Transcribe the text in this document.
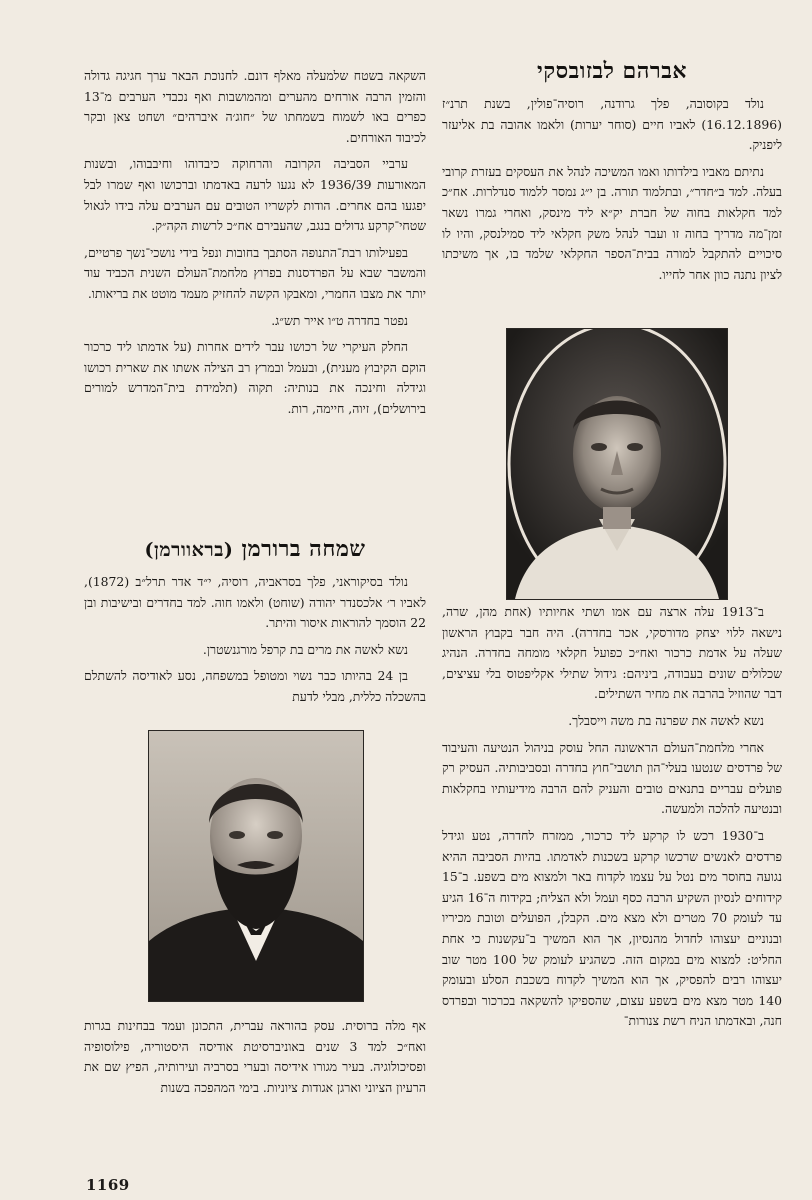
אברהם לבזובסקי

נולד בקוסובה, פלך גרודנה, רוסיה־פולין, בשנת תרנ״ז (16.12.1896) לאביו חיים (סוחר יערות) ולאמו אהובה בת אליעזר ליפניק.

נתיתם מאביו בילדותו ואמו המשיכה לנהל את העסקים בעזרת קרובי בעלה. למד ב״חדר״, ובתלמוד תורה. בן י״ג נמסר ללמוד סנדלרות. אח״כ למד חקלאות בחוה של חברת יק״א ליד מינסק, ואחרי גמרו נשאר זמן־מה מדריך בחוה זו ועבר לנהל משק חקלאי ליד סמילנסק, והיו לו סיכויים להתקבל למורה בבית־הספר החקלאי שלמד בו, אך משיכתו לציון נתנה כוון אחר לחייו.

ב־1913 עלה ארצה עם אמו ושתי אחיותיו (אחת מהן, שרה, נישאה ללוי יצחק מדורסקי, אכר בחדרה). היה חבר בקבוץ הראשון שעלה על אדמת כרכור ואח״כ כפועל חקלאי מומחה בחדרה. הנהיג שכלולים שונים בעבודה, ביניהם: גידול שתילי אקליפטוס בלי עציצים, דבר שהוזיל בהרבה את מחיר השתילים.

נשא לאשה את שפרנה בת משה וייסבלך.

אחרי מלחמת־העולם הראשונה החל עוסק בניהול הנטיעה והעיבוד של פרדסים שנטעו בעלי־הון תושבי־חוץ בחדרה ובסביבותיה. העסיק רק פועלים עבריים בתנאים טובים והעניק להם הרבה מידיעותיו בחקלאות ובנטיעה להלכה ולמעשה.

ב־1930 רכש לו קרקע ליד כרכור, ממזרח לחדרה, נטע וגידל פרדסים לאנשים שרכשו קרקע בשכנות לאדמתו. בהיות הסביבה ההיא נגועה בחוסר מים נטל על עצמו לקדוח באר ולמצוא מים בשפע. ב־15 קידוחים לנסיון השקיע הרבה כסף ועמל ולא הצליח; בקידוח ה־16 הגיע עד לעומק 70 מטרים ולא מצא מים. הקבלן, הפועלים וטובת מכיריו ובנוניים יעצוהו לחדול מהנסיון, אך הוא המשיך ב־עקשנות כי אחת החליט: למצוא מים במקום הזה. כשהגיע לעומק של 100 מטר שוב יעצוהו רבים להפסיק, אך הוא המשיך לקדוח בשכבת הסלע ובעומק 140 מטר מצא מים בשפע עצום, שהספיקו להשקאה בכרכור ובפרדס חנה, ובאדמתו הניח רשת צנורות־

השקאה בשטח שלמעלה מאלף דונם. לחנוכת הבאר ערך חגיגה גדולה והזמין הרבה אורחים מהערים ומהמושבות ואף נכבדי הערבים מ־13 כפרים באו לשמוח בשמחתו של ״חוג׳ה איברהים״ ושחט צאן ובקר לכיבוד האורחים.

ערביי הסביבה הקרובה והרחוקה כיבדוהו וחיבבוהו, ובשנות המאורעות 1936/39 לא נגעו לרעה באדמתו וברכושו ואף שמרו לבל יפגעו בהם אחרים. הודות לקשריו הטובים עם הערבים עלה בידו לגאול שטחי־קרקע גדולים בנגב, שהעבירם אח״כ לרשות הקה״ק.

בפעילותו רבת־התנופה הסתבך בחובות ונפל בידי נושכי־נשך פרטיים, והמשבר שבא על הפרדסנות בפרוץ מלחמת־העולם השנית הכביד עוד יותר את מצבו החמרי, ומאבקו הקשה להחזיק מעמד מוטט את בריאותו.

נפטר בחדרה ט״ו אייר תש״ג.

החלק העיקרי של רכושו עבר לידים אחרות (על אדמתו ליד כרכור הוקם הקיבוץ מענית), ובעמל ובמרץ רב הצילה אשתו את שארית רכושו וגידלה וחינכה את בנותיה: תקוה (תלמידת בית־המדרש למורים בירושלים), זיוה, חיימה, רות.

שמחה ברורמן (בראוורמן)

נולד בסיקוראני, פלך בסראביה, רוסיה, י״ד אדר תרל״ב (1872), לאביו ר׳ אלכסנדר יהודה (שוחט) ולאמו חוה. למד בחדרים ובישיבות ובן 22 הוסמך להוראות איסור והיתר.

נשא לאשה את מרים בת קרפל מורגנשטרן.

בן 24 בהיותו כבר נשוי ומטופל במשפחה, נסע לאודיסה להשתלם בהשכלה כללית, מבלי לדעת

אף מלה ברוסית. עסק בהוראה עברית, התכונן ועמד בבחינות בגרות ואח״כ למד 3 שנים באוניברסיטת אודיסה היסטוריה, פילוסופיה ופסיכולוגיה. בעיר מגורו אידיסה ובערי בסרביה ועירותיה, הפיץ שם את הרעיון הציוני וארגן אגודות ציוניות. בימי המהפכה בשנות

1169
